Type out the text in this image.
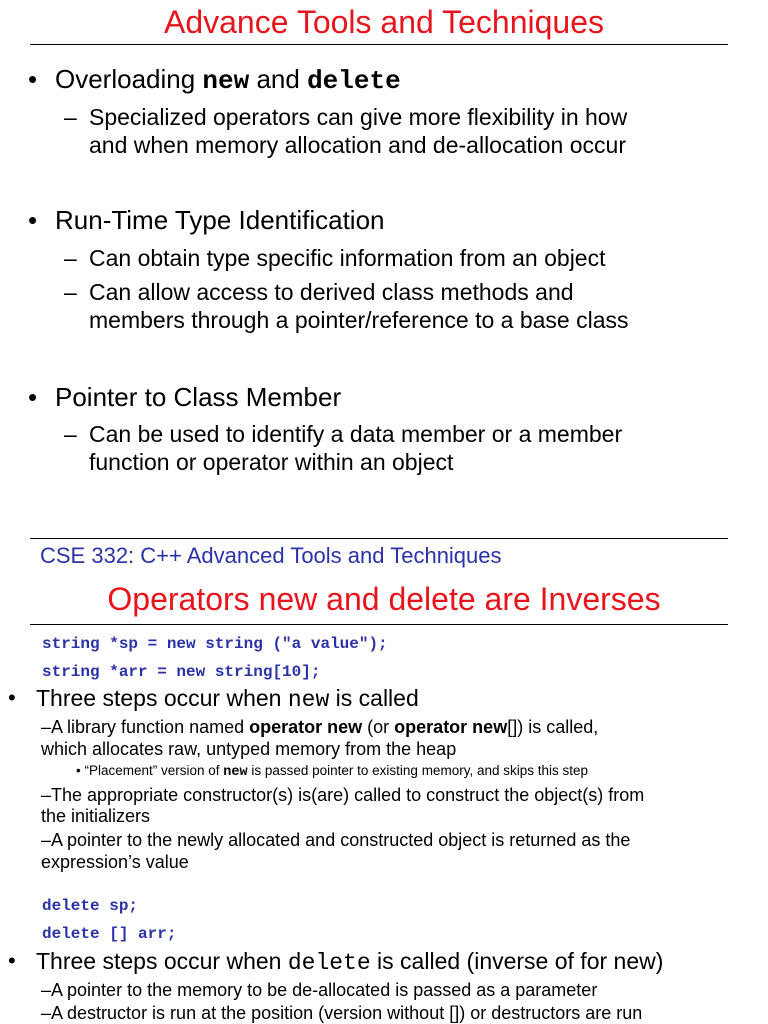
Advance Tools and Techniques
• Overloading new and delete
– Specialized operators can give more flexibility in how
and when memory allocation and de-allocation occur
• Run-Time Type Identification
– Can obtain type specific information from an object
– Can allow access to derived class methods and
members through a pointer/reference to a base class
• Pointer to Class Member
– Can be used to identify a data member or a member
function or operator within an object
CSE 332: C++ Advanced Tools and Techniques
Operators new and delete are Inverses
string *sp = new string ("a value");
string *arr = new string[10];
• Three steps occur when new is called
–A library function named operator new (or operator new[]) is called,
which allocates raw, untyped memory from the heap
• “Placement” version of new is passed pointer to existing memory, and skips this step
–The appropriate constructor(s) is(are) called to construct the object(s) from
the initializers
–A pointer to the newly allocated and constructed object is returned as the
expression’s value
delete sp;
delete [] arr;
• Three steps occur when delete is called (inverse of for new)
–A pointer to the memory to be de-allocated is passed as a parameter
–A destructor is run at the position (version without []) or destructors are run
